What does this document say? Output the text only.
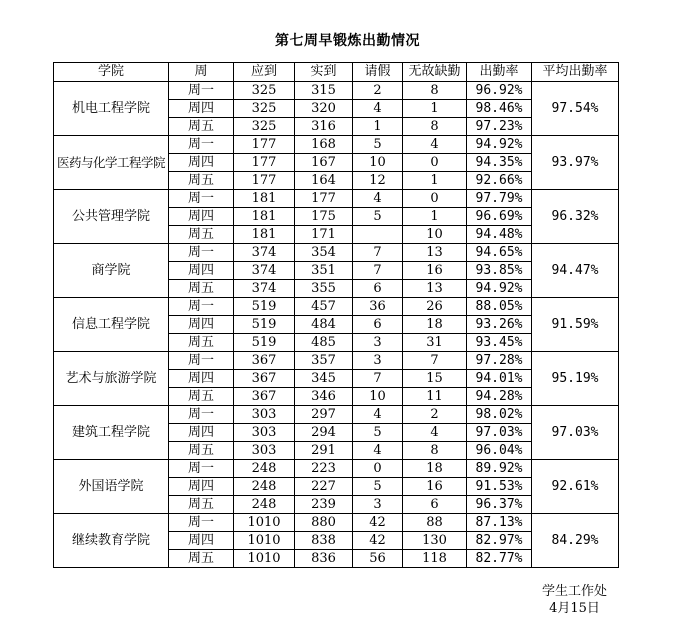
第七周早锻炼出勤情况
学院	周	应到	实到	请假	无故缺勤	出勤率	平均出勤率
机电工程学院	周一	325	315	2	8	96.92%	97.54%
	周四	325	320	4	1	98.46%	
	周五	325	316	1	8	97.23%	
医药与化学工程学院	周一	177	168	5	4	94.92%	93.97%
	周四	177	167	10	0	94.35%	
	周五	177	164	12	1	92.66%	
公共管理学院	周一	181	177	4	0	97.79%	96.32%
	周四	181	175	5	1	96.69%	
	周五	181	171		10	94.48%	
商学院	周一	374	354	7	13	94.65%	94.47%
	周四	374	351	7	16	93.85%	
	周五	374	355	6	13	94.92%	
信息工程学院	周一	519	457	36	26	88.05%	91.59%
	周四	519	484	6	18	93.26%	
	周五	519	485	3	31	93.45%	
艺术与旅游学院	周一	367	357	3	7	97.28%	95.19%
	周四	367	345	7	15	94.01%	
	周五	367	346	10	11	94.28%	
建筑工程学院	周一	303	297	4	2	98.02%	97.03%
	周四	303	294	5	4	97.03%	
	周五	303	291	4	8	96.04%	
外国语学院	周一	248	223	0	18	89.92%	92.61%
	周四	248	227	5	16	91.53%	
	周五	248	239	3	6	96.37%	
继续教育学院	周一	1010	880	42	88	87.13%	84.29%
	周四	1010	838	42	130	82.97%	
	周五	1010	836	56	118	82.77%	
学生工作处
4月15日
